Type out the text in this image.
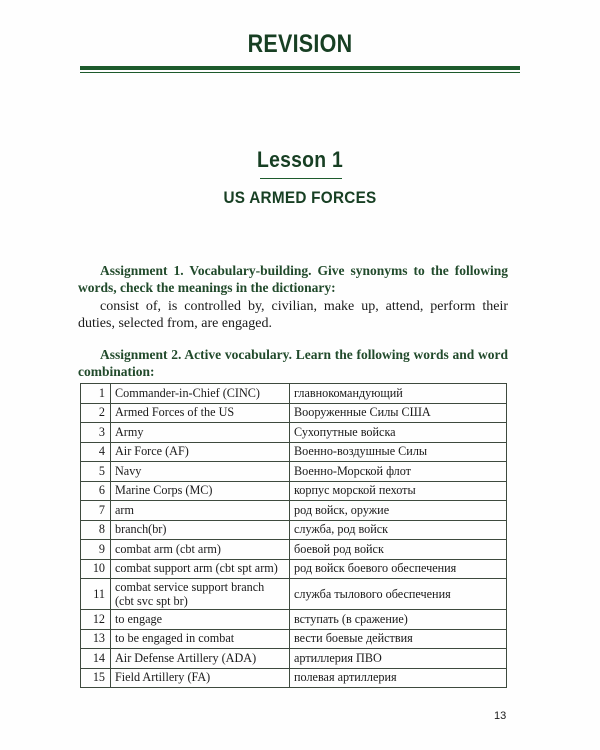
REVISION
Lesson 1
US ARMED FORCES
Assignment 1. Vocabulary-building. Give synonyms to the following words, check the meanings in the dictionary:
consist of, is controlled by, civilian, make up, attend, perform their duties, selected from, are engaged.
Assignment 2. Active vocabulary. Learn the following words and word combination:
1	Commander-in-Chief (CINC)	главнокомандующий
2	Armed Forces of the US	Вооруженные Силы США
3	Army	Сухопутные войска
4	Air Force (AF)	Военно-воздушные Силы
5	Navy	Военно-Морской флот
6	Marine Corps (MC)	корпус морской пехоты
7	arm	род войск, оружие
8	branch(br)	служба, род войск
9	combat arm (cbt arm)	боевой род войск
10	combat support arm (cbt spt arm)	род войск боевого обеспечения
11	combat service support branch (cbt svc spt br)	служба тылового обеспечения
12	to engage	вступать (в сражение)
13	to be engaged in combat	вести боевые действия
14	Air Defense Artillery (ADA)	артиллерия ПВО
15	Field Artillery (FA)	полевая артиллерия
13
